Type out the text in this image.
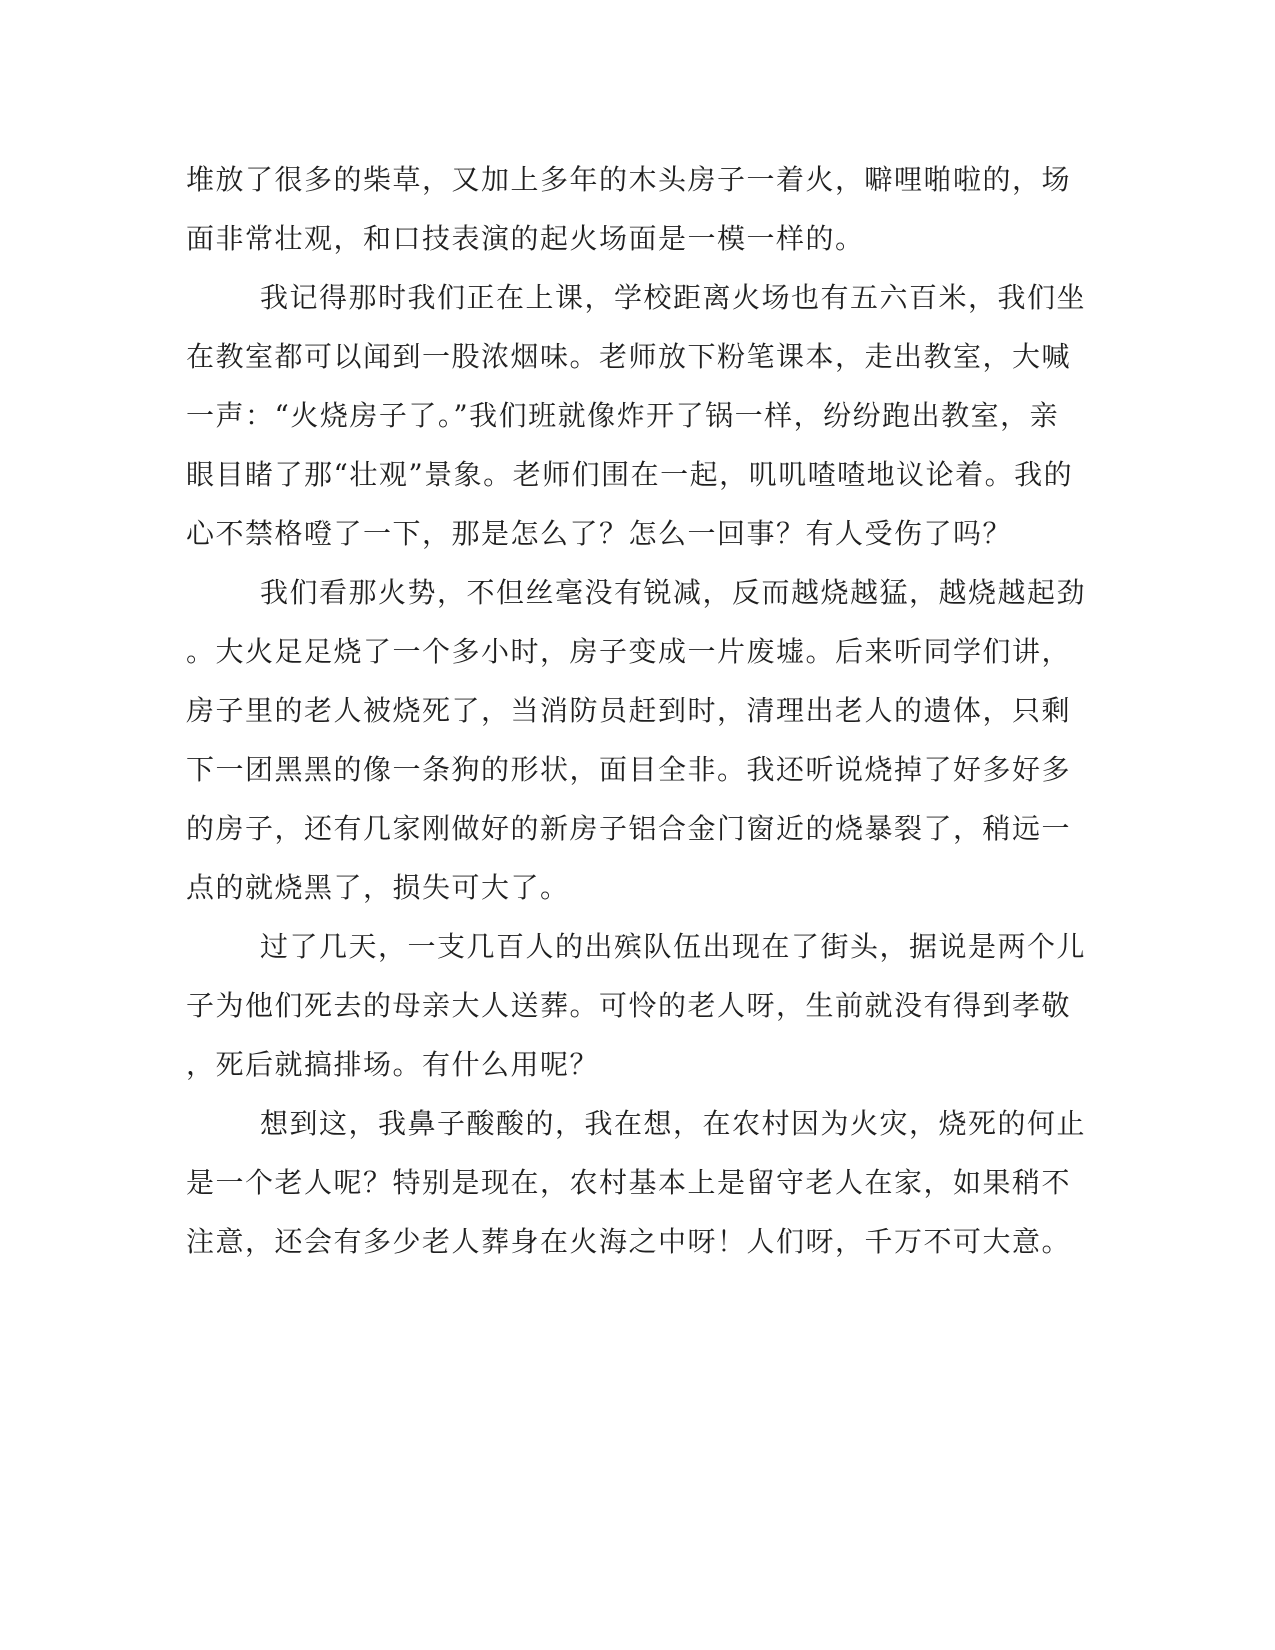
堆放了很多的柴草，又加上多年的木头房子一着火，噼哩啪啦的，场
面非常壮观，和口技表演的起火场面是一模一样的。
我记得那时我们正在上课，学校距离火场也有五六百米，我们坐
在教室都可以闻到一股浓烟味。老师放下粉笔课本，走出教室，大喊
一声：“火烧房子了。”我们班就像炸开了锅一样，纷纷跑出教室，亲
眼目睹了那“壮观”景象。老师们围在一起，叽叽喳喳地议论着。我的
心不禁格噔了一下，那是怎么了？怎么一回事？有人受伤了吗？
我们看那火势，不但丝毫没有锐减，反而越烧越猛，越烧越起劲
。大火足足烧了一个多小时，房子变成一片废墟。后来听同学们讲，
房子里的老人被烧死了，当消防员赶到时，清理出老人的遗体，只剩
下一团黑黑的像一条狗的形状，面目全非。我还听说烧掉了好多好多
的房子，还有几家刚做好的新房子铝合金门窗近的烧暴裂了，稍远一
点的就烧黑了，损失可大了。
过了几天，一支几百人的出殡队伍出现在了街头，据说是两个儿
子为他们死去的母亲大人送葬。可怜的老人呀，生前就没有得到孝敬
，死后就搞排场。有什么用呢？
想到这，我鼻子酸酸的，我在想，在农村因为火灾，烧死的何止
是一个老人呢？特别是现在，农村基本上是留守老人在家，如果稍不
注意，还会有多少老人葬身在火海之中呀！人们呀，千万不可大意。
